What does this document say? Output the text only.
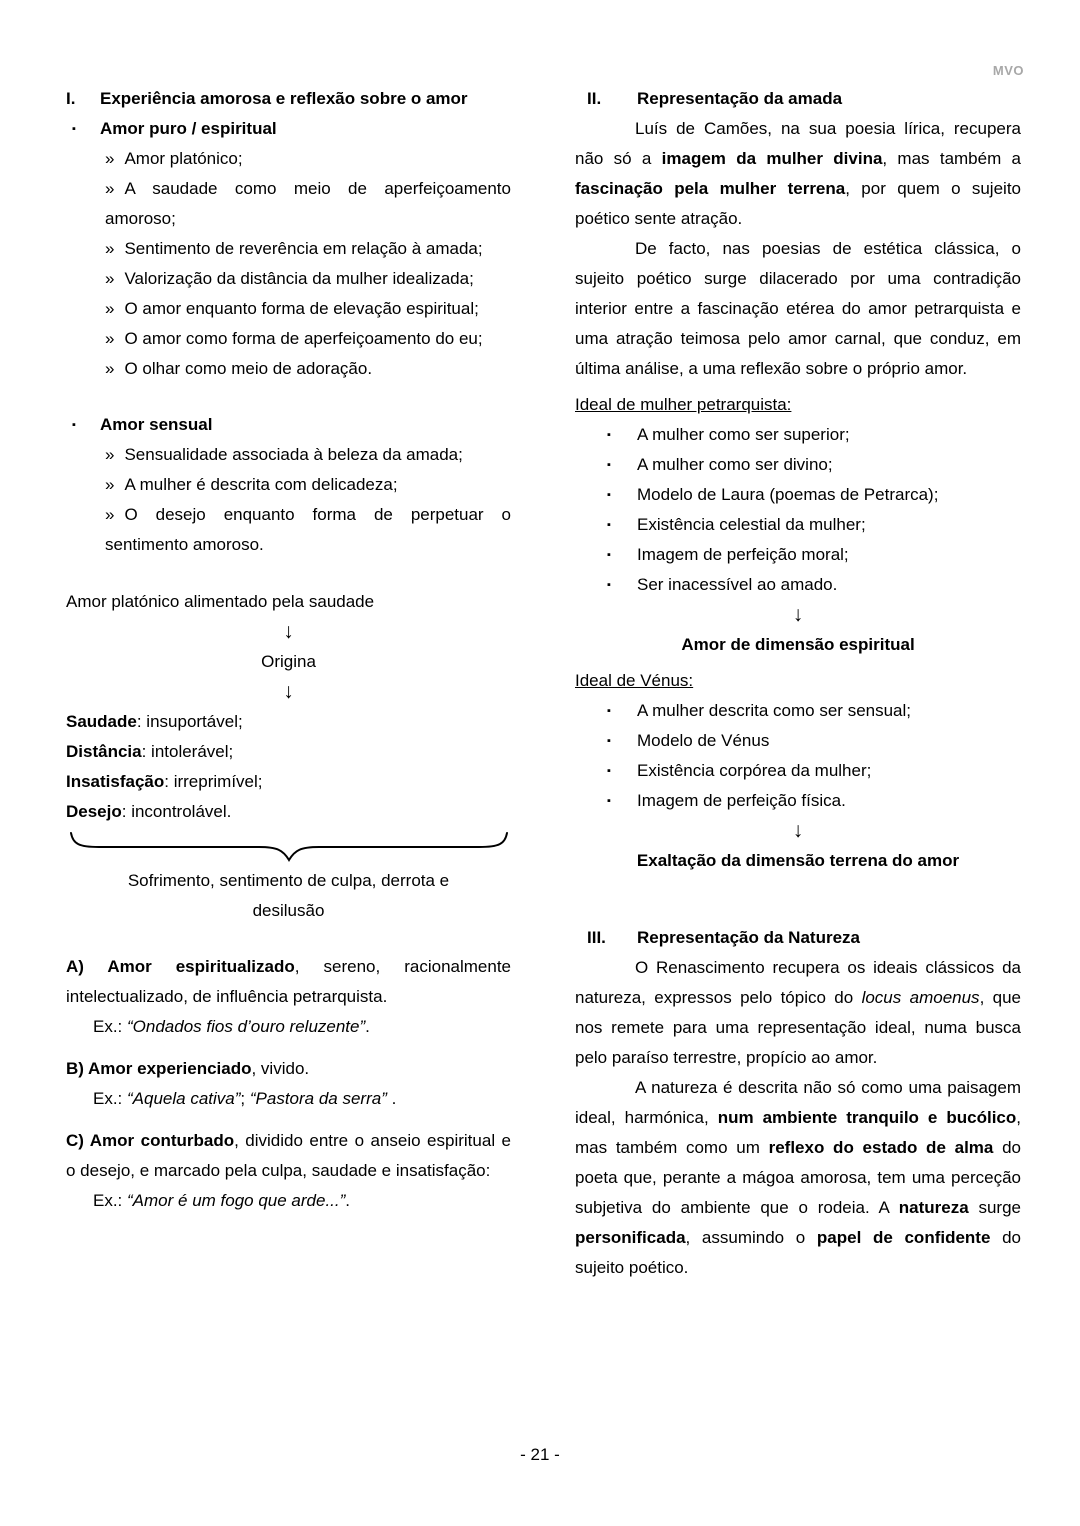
MVO
I.	Experiência amorosa e reflexão sobre o amor
▪	Amor puro / espiritual
» Amor platónico;
» A saudade como meio de aperfeiçoamento amoroso;
» Sentimento de reverência em relação à amada;
» Valorização da distância da mulher idealizada;
» O amor enquanto forma de elevação espiritual;
» O amor como forma de aperfeiçoamento do eu;
» O olhar como meio de adoração.
▪	Amor sensual
» Sensualidade associada à beleza da amada;
» A mulher é descrita com delicadeza;
» O desejo enquanto forma de perpetuar o sentimento amoroso.
Amor platónico alimentado pela saudade
↓
Origina
↓
Saudade: insuportável;
Distância: intolerável;
Insatisfação: irreprimível;
Desejo: incontrolável.
Sofrimento, sentimento de culpa, derrota e desilusão
A) Amor espiritualizado, sereno, racionalmente intelectualizado, de influência petrarquista.
Ex.: “Ondados fios d’ouro reluzente”.
B) Amor experienciado, vivido.
Ex.: “Aquela cativa”; “Pastora da serra” .
C) Amor conturbado, dividido entre o anseio espiritual e o desejo, e marcado pela culpa, saudade e insatisfação:
Ex.: “Amor é um fogo que arde...”.
II.	Representação da amada
Luís de Camões, na sua poesia lírica, recupera não só a imagem da mulher divina, mas também a fascinação pela mulher terrena, por quem o sujeito poético sente atração.
De facto, nas poesias de estética clássica, o sujeito poético surge dilacerado por uma contradição interior entre a fascinação etérea do amor petrarquista e uma atração teimosa pelo amor carnal, que conduz, em última análise, a uma reflexão sobre o próprio amor.
Ideal de mulher petrarquista:
▪	A mulher como ser superior;
▪	A mulher como ser divino;
▪	Modelo de Laura (poemas de Petrarca);
▪	Existência celestial da mulher;
▪	Imagem de perfeição moral;
▪	Ser inacessível ao amado.
↓
Amor de dimensão espiritual
Ideal de Vénus:
▪	A mulher descrita como ser sensual;
▪	Modelo de Vénus
▪	Existência corpórea da mulher;
▪	Imagem de perfeição física.
↓
Exaltação da dimensão terrena do amor
III.	Representação da Natureza
O Renascimento recupera os ideais clássicos da natureza, expressos pelo tópico do locus amoenus, que nos remete para uma representação ideal, numa busca pelo paraíso terrestre, propício ao amor.
A natureza é descrita não só como uma paisagem ideal, harmónica, num ambiente tranquilo e bucólico, mas também como um reflexo do estado de alma do poeta que, perante a mágoa amorosa, tem uma perceção subjetiva do ambiente que o rodeia. A natureza surge personificada, assumindo o papel de confidente do sujeito poético.
- 21 -
